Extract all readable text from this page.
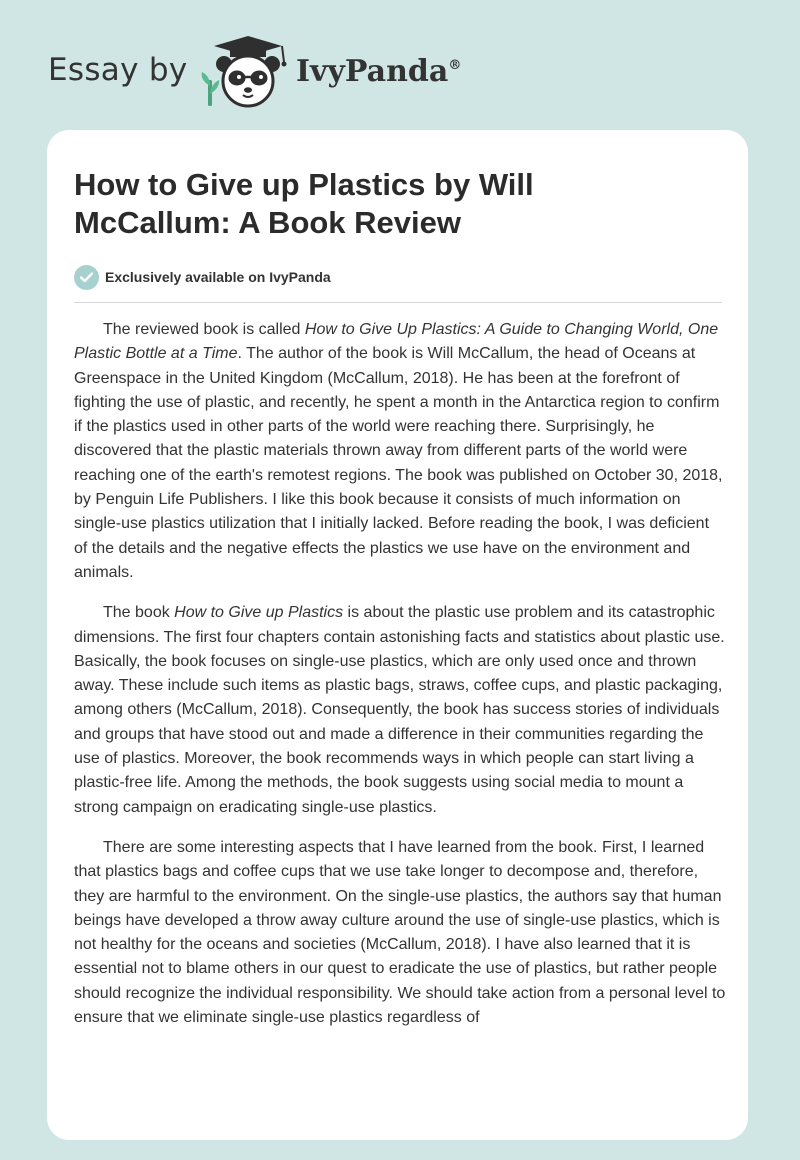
Essay by	IvyPanda®
How to Give up Plastics by Will McCallum: A Book Review
Exclusively available on IvyPanda

The reviewed book is called How to Give Up Plastics: A Guide to Changing World, One Plastic Bottle at a Time. The author of the book is Will McCallum, the head of Oceans at Greenspace in the United Kingdom (McCallum, 2018). He has been at the forefront of fighting the use of plastic, and recently, he spent a month in the Antarctica region to confirm if the plastics used in other parts of the world were reaching there. Surprisingly, he discovered that the plastic materials thrown away from different parts of the world were reaching one of the earth's remotest regions. The book was published on October 30, 2018, by Penguin Life Publishers. I like this book because it consists of much information on single-use plastics utilization that I initially lacked. Before reading the book, I was deficient of the details and the negative effects the plastics we use have on the environment and animals.

The book How to Give up Plastics is about the plastic use problem and its catastrophic dimensions. The first four chapters contain astonishing facts and statistics about plastic use. Basically, the book focuses on single-use plastics, which are only used once and thrown away. These include such items as plastic bags, straws, coffee cups, and plastic packaging, among others (McCallum, 2018). Consequently, the book has success stories of individuals and groups that have stood out and made a difference in their communities regarding the use of plastics. Moreover, the book recommends ways in which people can start living a plastic-free life. Among the methods, the book suggests using social media to mount a strong campaign on eradicating single-use plastics.

There are some interesting aspects that I have learned from the book. First, I learned that plastics bags and coffee cups that we use take longer to decompose and, therefore, they are harmful to the environment. On the single-use plastics, the authors say that human beings have developed a throw away culture around the use of single-use plastics, which is not healthy for the oceans and societies (McCallum, 2018). I have also learned that it is essential not to blame others in our quest to eradicate the use of plastics, but rather people should recognize the individual responsibility. We should take action from a personal level to ensure that we eliminate single-use plastics regardless of
